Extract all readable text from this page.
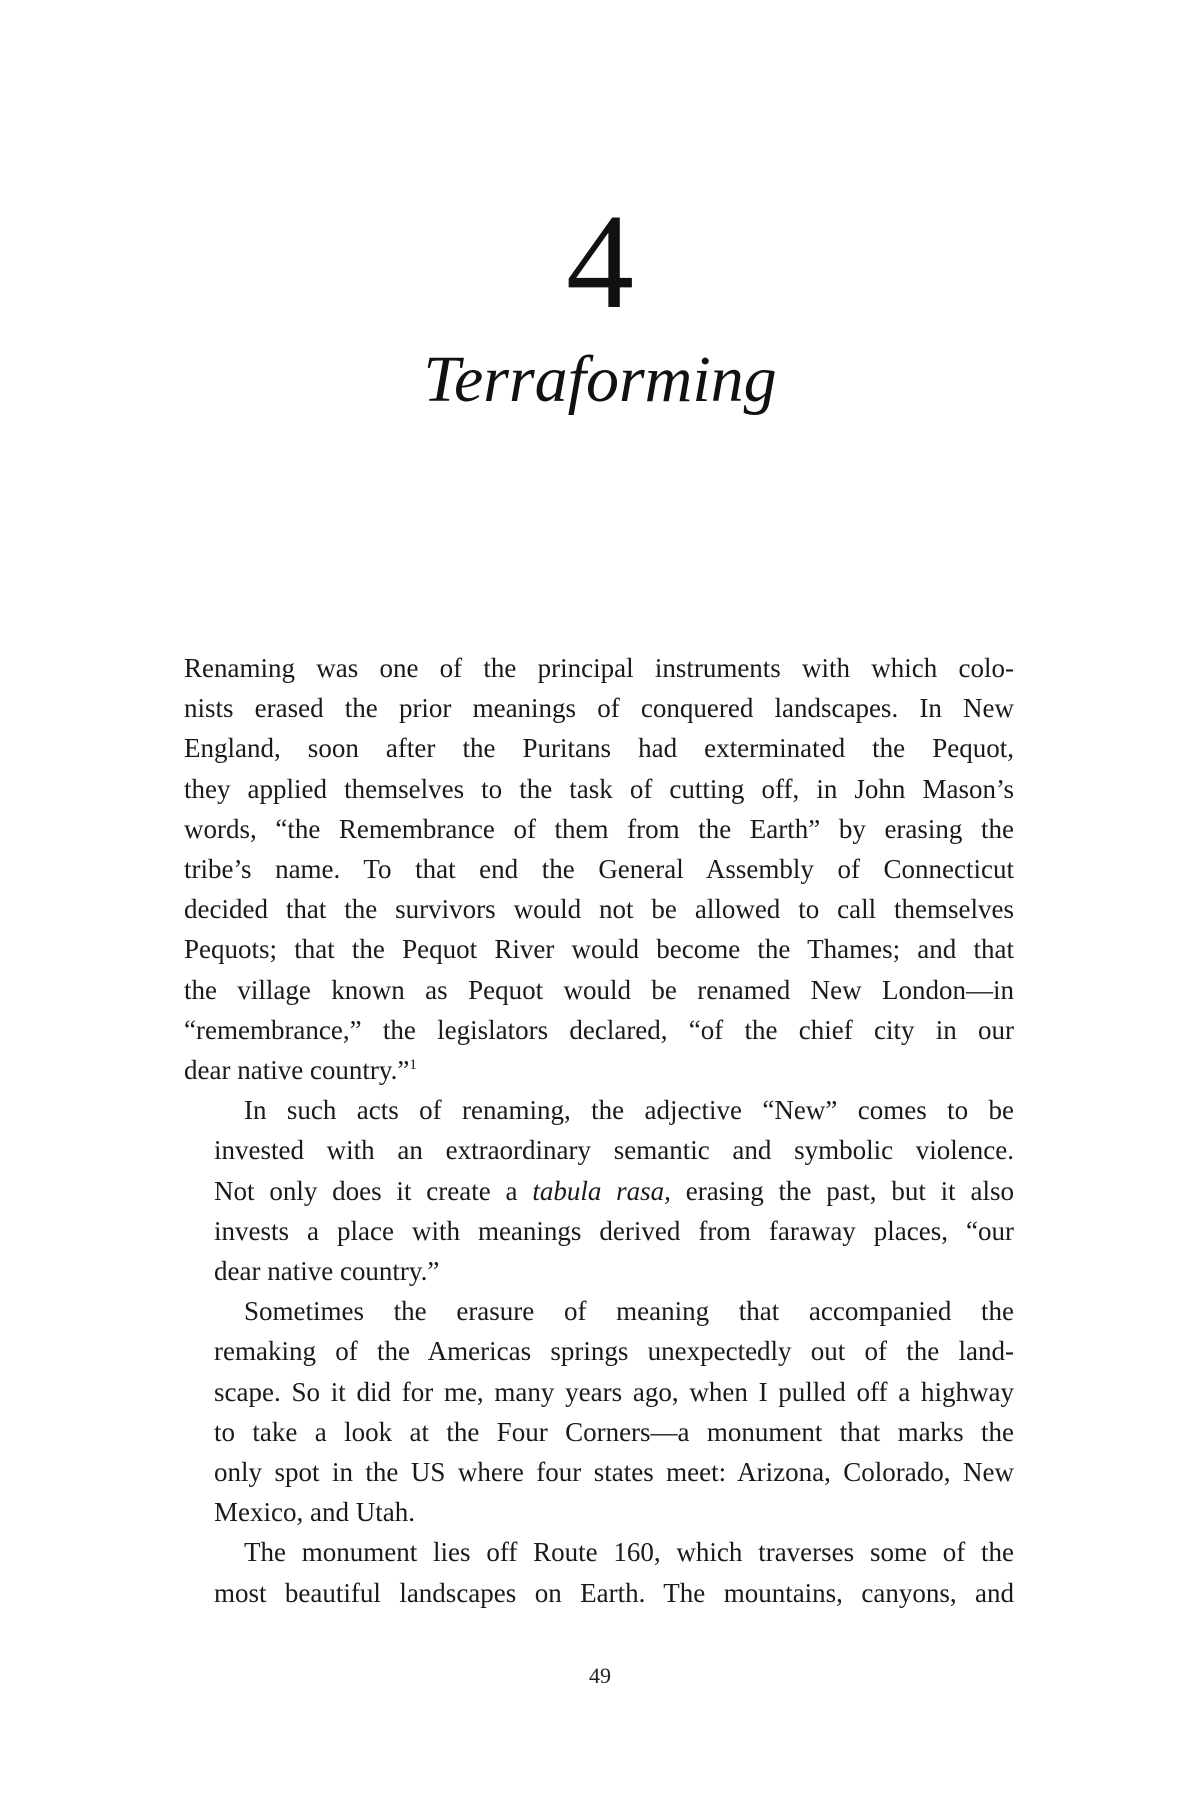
4
Terraforming

Renaming was one of the principal instruments with which colo-
nists erased the prior meanings of conquered landscapes. In New
England, soon after the Puritans had exterminated the Pequot,
they applied themselves to the task of cutting off, in John Mason’s
words, “the Remembrance of them from the Earth” by erasing the
tribe’s name. To that end the General Assembly of Connecticut
decided that the survivors would not be allowed to call themselves
Pequots; that the Pequot River would become the Thames; and that
the village known as Pequot would be renamed New London—in
“remembrance,” the legislators declared, “of the chief city in our
dear native country.”$^1$

In such acts of renaming, the adjective “New” comes to be
invested with an extraordinary semantic and symbolic violence.
Not only does it create a tabula rasa, erasing the past, but it also
invests a place with meanings derived from faraway places, “our
dear native country.”

Sometimes the erasure of meaning that accompanied the
remaking of the Americas springs unexpectedly out of the land-
scape. So it did for me, many years ago, when I pulled off a highway
to take a look at the Four Corners—a monument that marks the
only spot in the US where four states meet: Arizona, Colorado, New
Mexico, and Utah.

The monument lies off Route 160, which traverses some of the
most beautiful landscapes on Earth. The mountains, canyons, and

49
